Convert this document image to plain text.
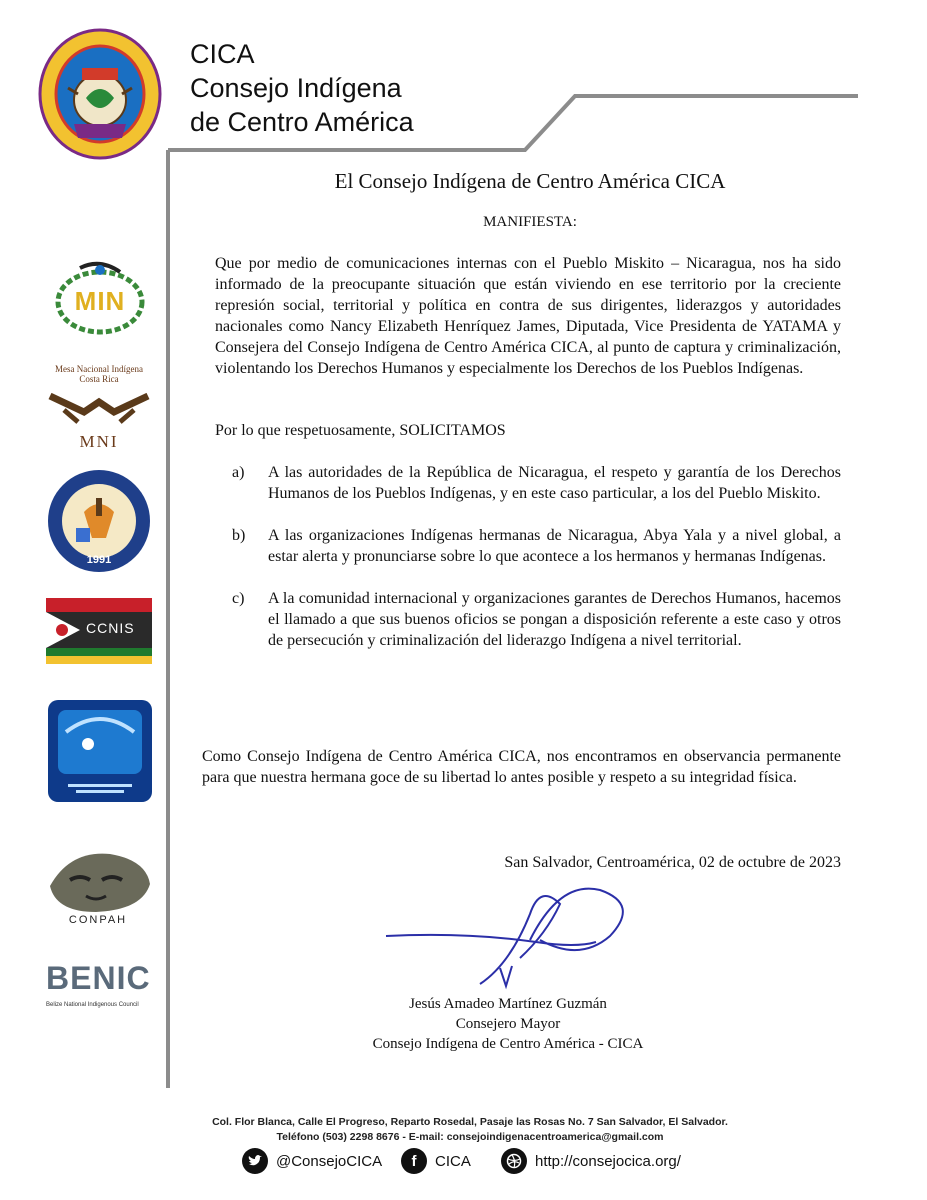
CICA
Consejo Indígena
de Centro América
MIN
Mesa Nacional Indígena Costa Rica
MNI
1991
CCNIS
CONPAH
BENIC
Belize National Indigenous Council
El Consejo Indígena de Centro América CICA
MANIFIESTA:
Que por medio de comunicaciones internas con el Pueblo Miskito – Nicaragua, nos ha sido informado de la preocupante situación que están viviendo en ese territorio por la creciente represión social, territorial y política en contra de sus dirigentes, liderazgos y autoridades nacionales como Nancy Elizabeth Henríquez James, Diputada, Vice Presidenta de YATAMA y Consejera del Consejo Indígena de Centro América CICA, al punto de captura y criminalización, violentando los Derechos Humanos y especialmente los Derechos de los Pueblos Indígenas.
Por lo que respetuosamente, SOLICITAMOS
a)	A las autoridades de la República de Nicaragua, el respeto y garantía de los Derechos Humanos de los Pueblos Indígenas, y en este caso particular, a los del Pueblo Miskito.
b)	A las organizaciones Indígenas hermanas de Nicaragua, Abya Yala y a nivel global, a estar alerta y pronunciarse sobre lo que acontece a los hermanos y hermanas Indígenas.
c)	A la comunidad internacional y organizaciones garantes de Derechos Humanos, hacemos el llamado a que sus buenos oficios se pongan a disposición referente a este caso y otros de persecución y criminalización del liderazgo Indígena a nivel territorial.
Como Consejo Indígena de Centro América CICA, nos encontramos en observancia permanente para que nuestra hermana goce de su libertad lo antes posible y respeto a su integridad física.
San Salvador, Centroamérica, 02 de octubre de 2023
Jesús Amadeo Martínez Guzmán
Consejero Mayor
Consejo Indígena de Centro América - CICA
Col. Flor Blanca, Calle El Progreso, Reparto Rosedal, Pasaje las Rosas No. 7 San Salvador, El Salvador.
Teléfono (503) 2298 8676 - E-mail: consejoindigenacentroamerica@gmail.com
@ConsejoCICA	f	CICA	http://consejocica.org/
